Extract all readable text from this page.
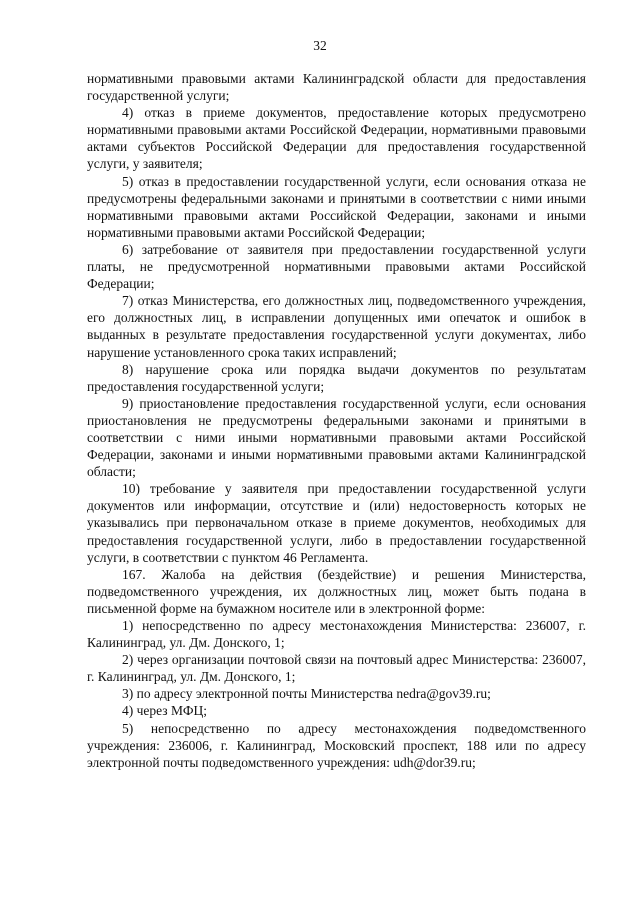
32

нормативными правовыми актами Калининградской области для предоставления государственной услуги;

4) отказ в приеме документов, предоставление которых предусмотрено нормативными правовыми актами Российской Федерации, нормативными правовыми актами субъектов Российской Федерации для предоставления государственной услуги, у заявителя;

5) отказ в предоставлении государственной услуги, если основания отказа не предусмотрены федеральными законами и принятыми в соответствии с ними иными нормативными правовыми актами Российской Федерации, законами и иными нормативными правовыми актами Российской Федерации;

6) затребование от заявителя при предоставлении государственной услуги платы, не предусмотренной нормативными правовыми актами Российской Федерации;

7) отказ Министерства, его должностных лиц, подведомственного учреждения, его должностных лиц, в исправлении допущенных ими опечаток и ошибок в выданных в результате предоставления государственной услуги документах, либо нарушение установленного срока таких исправлений;

8) нарушение срока или порядка выдачи документов по результатам предоставления государственной услуги;

9) приостановление предоставления государственной услуги, если основания приостановления не предусмотрены федеральными законами и принятыми в соответствии с ними иными нормативными правовыми актами Российской Федерации, законами и иными нормативными правовыми актами Калининградской области;

10) требование у заявителя при предоставлении государственной услуги документов или информации, отсутствие и (или) недостоверность которых не указывались при первоначальном отказе в приеме документов, необходимых для предоставления государственной услуги, либо в предоставлении государственной услуги, в соответствии с пунктом 46 Регламента.

167. Жалоба на действия (бездействие) и решения Министерства, подведомственного учреждения, их должностных лиц, может быть подана в письменной форме на бумажном носителе или в электронной форме:

1) непосредственно по адресу местонахождения Министерства: 236007, г. Калининград, ул. Дм. Донского, 1;

2) через организации почтовой связи на почтовый адрес Министерства: 236007, г. Калининград, ул. Дм. Донского, 1;

3) по адресу электронной почты Министерства nedra@gov39.ru;

4) через МФЦ;

5) непосредственно по адресу местонахождения подведомственного учреждения: 236006, г. Калининград, Московский проспект, 188 или по адресу электронной почты подведомственного учреждения: udh@dor39.ru;
